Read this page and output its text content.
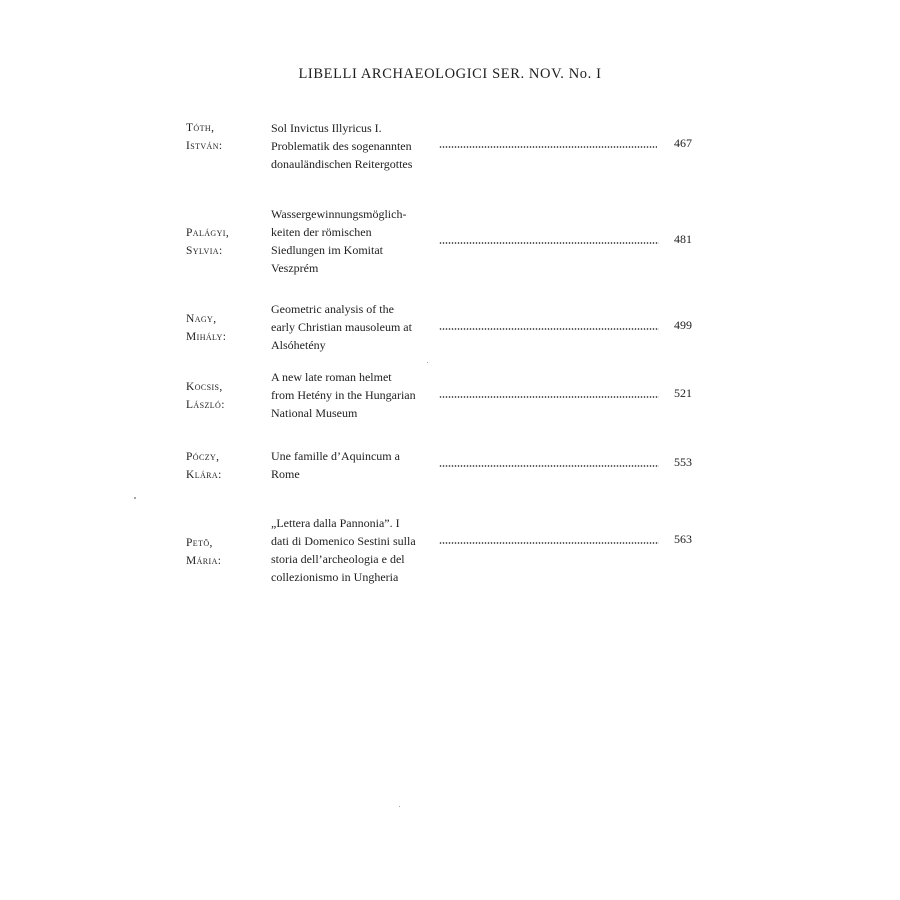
LIBELLI ARCHAEOLOGICI SER. NOV. No. I
Tóth,
István:
Sol Invictus Illyricus I.
Problematik des sogenannten
donauländischen Reitergottes
467
Palágyi,
Sylvia:
Wassergewinnungsmöglich-
keiten der römischen
Siedlungen im Komitat
Veszprém
481
Nagy,
Mihály:
Geometric analysis of the
early Christian mausoleum at
Alsóhetény
499
Kocsis,
László:
A new late roman helmet
from Hetény in the Hungarian
National Museum
521
Póczy,
Klára:
Une famille d’Aquincum a
Rome
553
Petõ,
Mária:
„Lettera dalla Pannonia”. I
dati di Domenico Sestini sulla
storia dell’archeologia e del
collezionismo in Ungheria
563
